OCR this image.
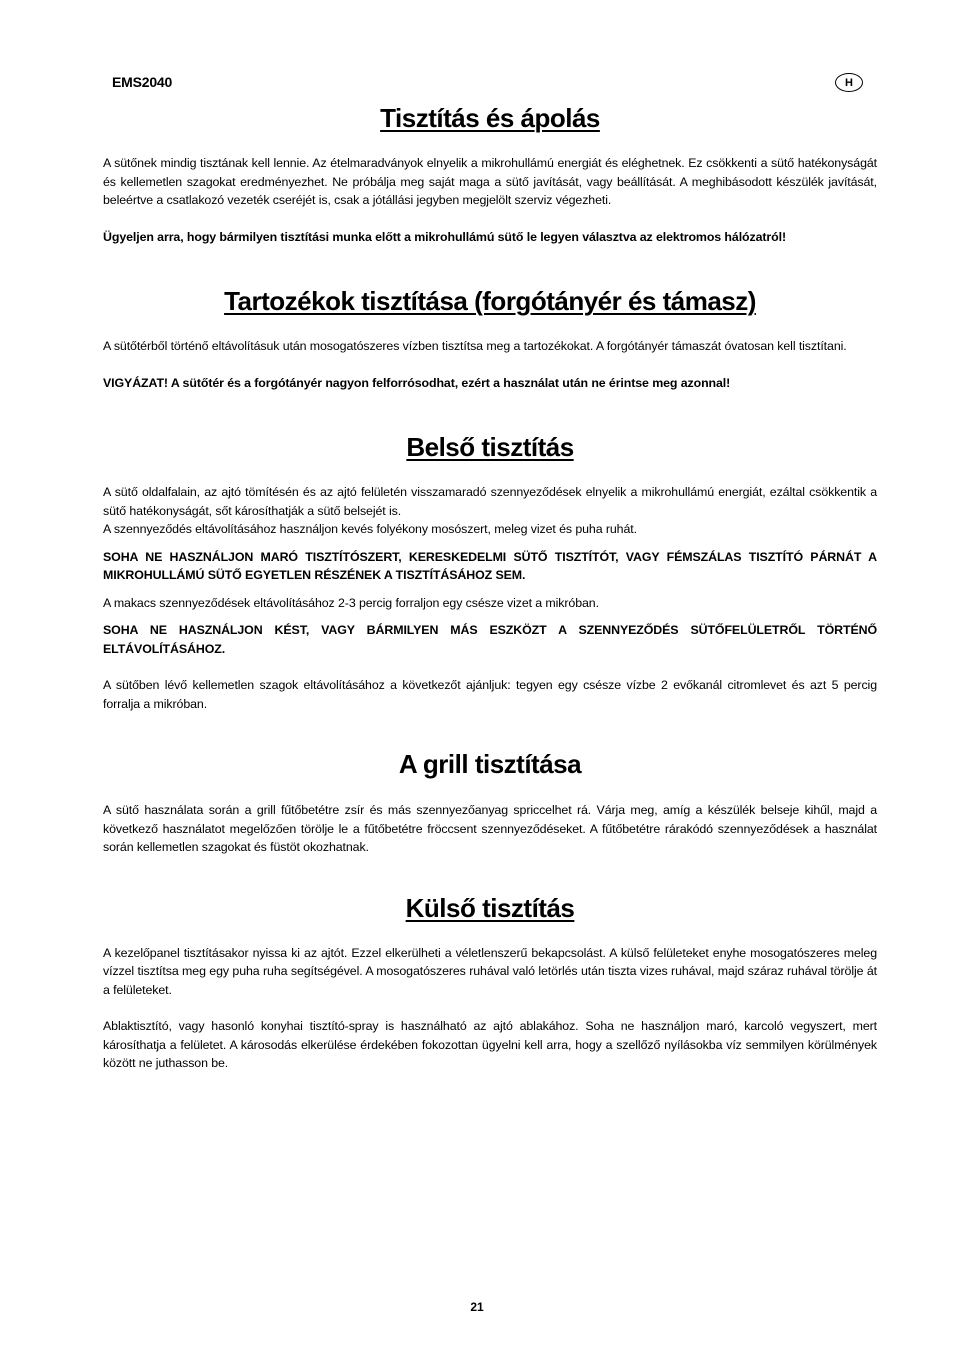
EMS2040	H
Tisztítás és ápolás

A sütőnek mindig tisztának kell lennie. Az ételmaradványok elnyelik a mikrohullámú energiát és eléghetnek. Ez csökkenti a sütő hatékonyságát és kellemetlen szagokat eredményezhet. Ne próbálja meg saját maga a sütő javítását, vagy beállítását. A meghibásodott készülék javítását, beleértve a csatlakozó vezeték cseréjét is, csak a jótállási jegyben megjelölt szerviz végezheti.

Ügyeljen arra, hogy bármilyen tisztítási munka előtt a mikrohullámú sütő le legyen választva az elektromos hálózatról!

Tartozékok tisztítása (forgótányér és támasz)

A sütőtérből történő eltávolításuk után mosogatószeres vízben tisztítsa meg a tartozékokat. A forgótányér támaszát óvatosan kell tisztítani.

VIGYÁZAT! A sütőtér és a forgótányér nagyon felforrósodhat, ezért a használat után ne érintse meg azonnal!

Belső tisztítás

A sütő oldalfalain, az ajtó tömítésén és az ajtó felületén visszamaradó szennyeződések elnyelik a mikrohullámú energiát, ezáltal csökkentik a sütő hatékonyságát, sőt károsíthatják a sütő belsejét is.

A szennyeződés eltávolításához használjon kevés folyékony mosószert, meleg vizet és puha ruhát.

SOHA NE HASZNÁLJON MARÓ TISZTÍTÓSZERT, KERESKEDELMI SÜTŐ TISZTÍTÓT, VAGY FÉMSZÁLAS TISZTÍTÓ PÁRNÁT A MIKROHULLÁMÚ SÜTŐ EGYETLEN RÉSZÉNEK A TISZTÍTÁSÁHOZ SEM.

A makacs szennyeződések eltávolításához 2-3 percig forraljon egy csésze vizet a mikróban.

SOHA NE HASZNÁLJON KÉST, VAGY BÁRMILYEN MÁS ESZKÖZT A SZENNYEZŐDÉS SÜTŐFELÜLETRŐL TÖRTÉNŐ ELTÁVOLÍTÁSÁHOZ.

A sütőben lévő kellemetlen szagok eltávolításához a következőt ajánljuk: tegyen egy csésze vízbe 2 evőkanál citromlevet és azt 5 percig forralja a mikróban.

A grill tisztítása

A sütő használata során a grill fűtőbetétre zsír és más szennyezőanyag spriccelhet rá. Várja meg, amíg a készülék belseje kihűl, majd a következő használatot megelőzően törölje le a fűtőbetétre fröccsent szennyeződéseket. A fűtőbetétre rárakódó szennyeződések a használat során kellemetlen szagokat és füstöt okozhatnak.

Külső tisztítás

A kezelőpanel tisztításakor nyissa ki az ajtót. Ezzel elkerülheti a véletlenszerű bekapcsolást. A külső felületeket enyhe mosogatószeres meleg vízzel tisztítsa meg egy puha ruha segítségével. A mosogatószeres ruhával való letörlés után tiszta vizes ruhával, majd száraz ruhával törölje át a felületeket.

Ablaktisztító, vagy hasonló konyhai tisztító-spray is használható az ajtó ablakához. Soha ne használjon maró, karcoló vegyszert, mert károsíthatja a felületet. A károsodás elkerülése érdekében fokozottan ügyelni kell arra, hogy a szellőző nyílásokba víz semmilyen körülmények között ne juthasson be.

21
